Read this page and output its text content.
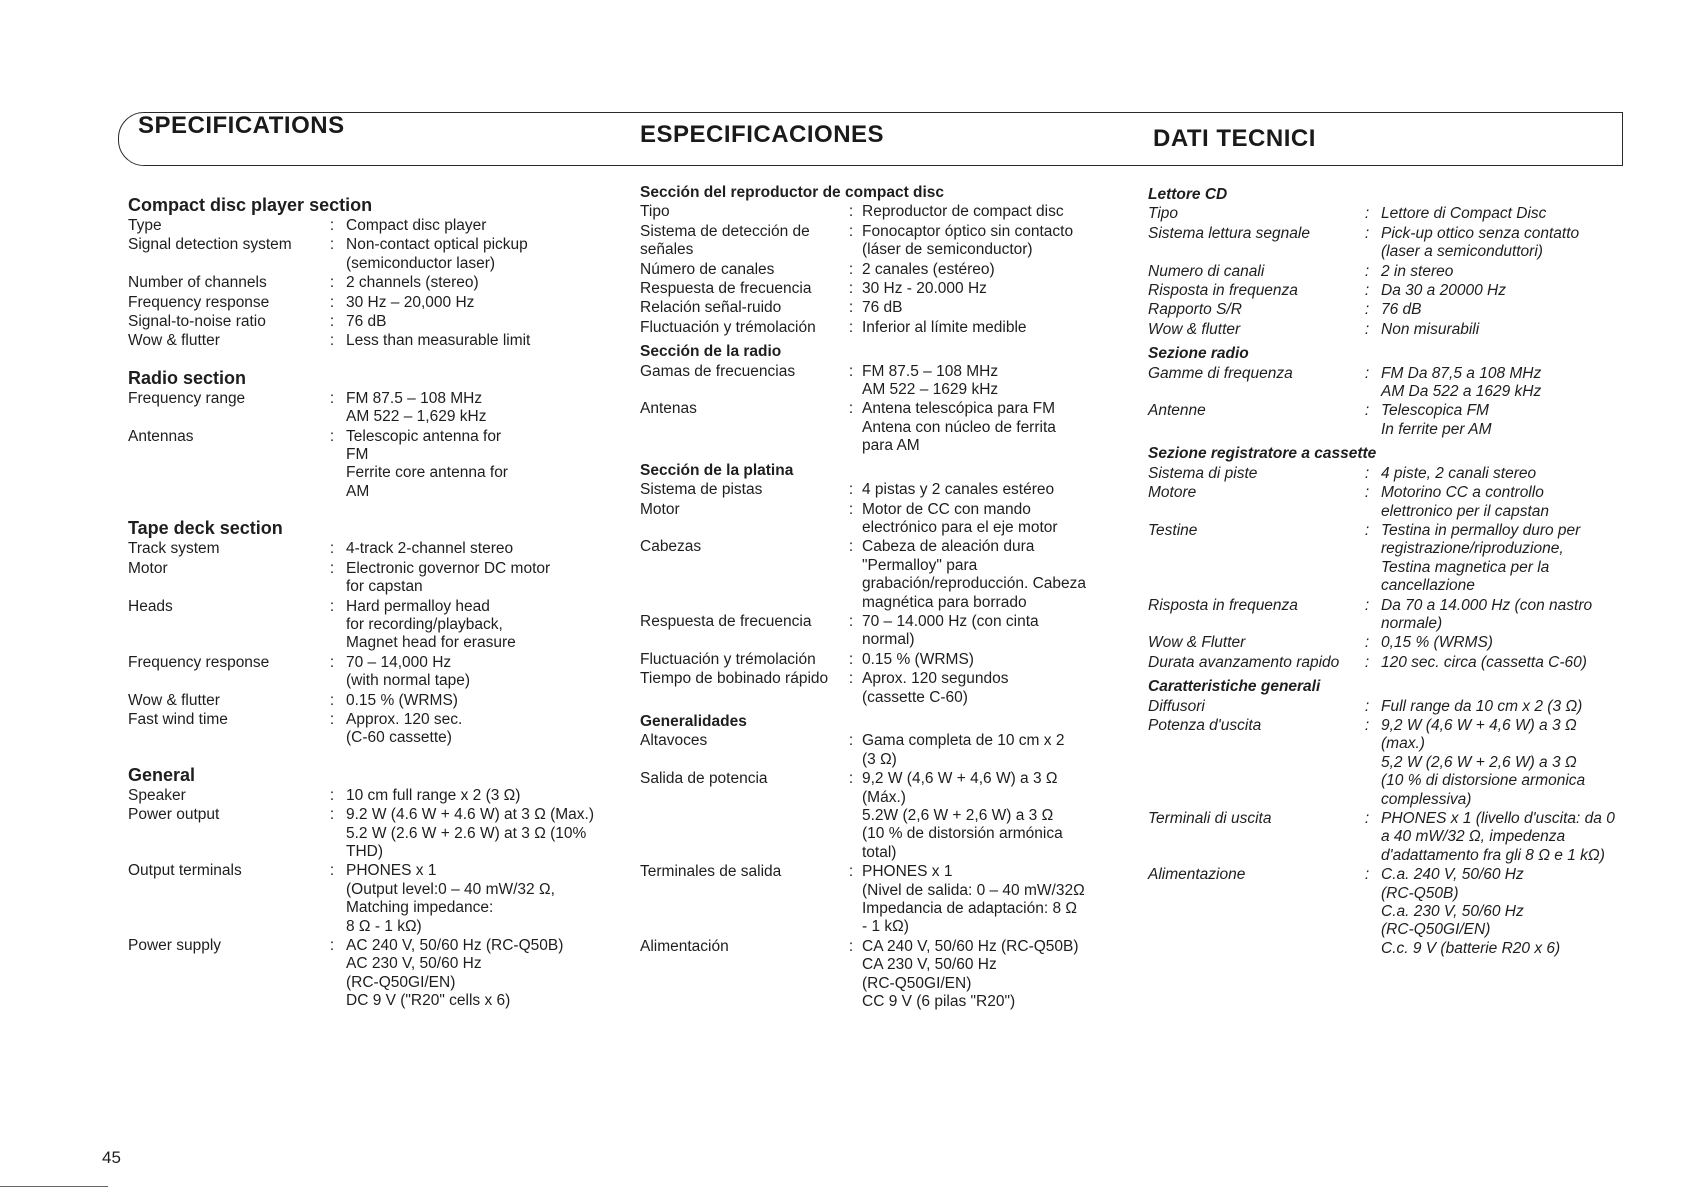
SPECIFICATIONS	ESPECIFICACIONES	DATI TECNICI
Compact disc player section
Type	: Compact disc player
Signal detection system	: Non-contact optical pickup
(semiconductor laser)
Number of channels	: 2 channels (stereo)
Frequency response	: 30 Hz – 20,000 Hz
Signal-to-noise ratio	: 76 dB
Wow & flutter	: Less than measurable limit
Radio section
Frequency range	: FM 87.5 – 108 MHz
AM 522 – 1,629 kHz
Antennas	: Telescopic antenna for
FM
Ferrite core antenna for
AM
Tape deck section
Track system	: 4-track 2-channel stereo
Motor	: Electronic governor DC motor
for capstan
Heads	: Hard permalloy head
for recording/playback,
Magnet head for erasure
Frequency response	: 70 – 14,000 Hz
(with normal tape)
Wow & flutter	: 0.15 % (WRMS)
Fast wind time	: Approx. 120 sec.
(C-60 cassette)
General
Speaker	: 10 cm full range x 2 (3 Ω)
Power output	: 9.2 W (4.6 W + 4.6 W) at 3 Ω (Max.)
5.2 W (2.6 W + 2.6 W) at 3 Ω (10%
THD)
Output terminals	: PHONES x 1
(Output level:0 – 40 mW/32 Ω,
Matching impedance:
8 Ω - 1 kΩ)
Power supply	: AC 240 V, 50/60 Hz (RC-Q50B)
AC 230 V, 50/60 Hz
(RC-Q50GI/EN)
DC 9 V ("R20" cells x 6)
Sección del reproductor de compact disc
Tipo	: Reproductor de compact disc
Sistema de detección de señales
: Fonocaptor óptico sin contacto
(láser de semiconductor)
Número de canales	: 2 canales (estéreo)
Respuesta de frecuencia	: 30 Hz - 20.000 Hz
Relación señal-ruido	: 76 dB
Fluctuación y trémolación	: Inferior al límite medible
Sección de la radio
Gamas de frecuencias	: FM 87.5 – 108 MHz
AM 522 – 1629 kHz
Antenas	: Antena telescópica para FM
Antena con núcleo de ferrita
para AM
Sección de la platina
Sistema de pistas	: 4 pistas y 2 canales estéreo
Motor	: Motor de CC con mando
electrónico para el eje motor
Cabezas	: Cabeza de aleación dura
"Permalloy" para
grabación/reproducción. Cabeza
magnética para borrado
Respuesta de frecuencia	: 70 – 14.000 Hz (con cinta
normal)
Fluctuación y trémolación	: 0.15 % (WRMS)
Tiempo de bobinado rápido	: Aprox. 120 segundos
(cassette C-60)
Generalidades
Altavoces	: Gama completa de 10 cm x 2
(3 Ω)
Salida de potencia	: 9,2 W (4,6 W + 4,6 W) a 3 Ω
(Máx.)
5.2W (2,6 W + 2,6 W) a 3 Ω
(10 % de distorsión armónica
total)
Terminales de salida	: PHONES x 1
(Nivel de salida: 0 – 40 mW/32Ω
Impedancia de adaptación: 8 Ω
- 1 kΩ)
Alimentación	: CA 240 V, 50/60 Hz (RC-Q50B)
CA 230 V, 50/60 Hz
(RC-Q50GI/EN)
CC 9 V (6 pilas "R20")
Lettore CD
Tipo	: Lettore di Compact Disc
Sistema lettura segnale	: Pick-up ottico senza contatto
(laser a semiconduttori)
Numero di canali	: 2 in stereo
Risposta in frequenza	: Da 30 a 20000 Hz
Rapporto S/R	: 76 dB
Wow & flutter	: Non misurabili
Sezione radio
Gamme di frequenza	: FM Da 87,5 a 108 MHz
AM Da 522 a 1629 kHz
Antenne	: Telescopica FM
In ferrite per AM
Sezione registratore a cassette
Sistema di piste	: 4 piste, 2 canali stereo
Motore	: Motorino CC a controllo
elettronico per il capstan
Testine	: Testina in permalloy duro per
registrazione/riproduzione,
Testina magnetica per la
cancellazione
Risposta in frequenza	: Da 70 a 14.000 Hz (con nastro
normale)
Wow & Flutter	: 0,15 % (WRMS)
Durata avanzamento rapido	: 120 sec. circa (cassetta C-60)
Caratteristiche generali
Diffusori	: Full range da 10 cm x 2 (3 Ω)
Potenza d'uscita	: 9,2 W (4,6 W + 4,6 W) a 3 Ω
(max.)
5,2 W (2,6 W + 2,6 W) a 3 Ω
(10 % di distorsione armonica
complessiva)
Terminali di uscita	: PHONES x 1 (livello d'uscita: da 0
a 40 mW/32 Ω, impedenza
d'adattamento fra gli 8 Ω e 1 kΩ)
Alimentazione	: C.a. 240 V, 50/60 Hz
(RC-Q50B)
C.a. 230 V, 50/60 Hz
(RC-Q50GI/EN)
C.c. 9 V (batterie R20 x 6)
45
